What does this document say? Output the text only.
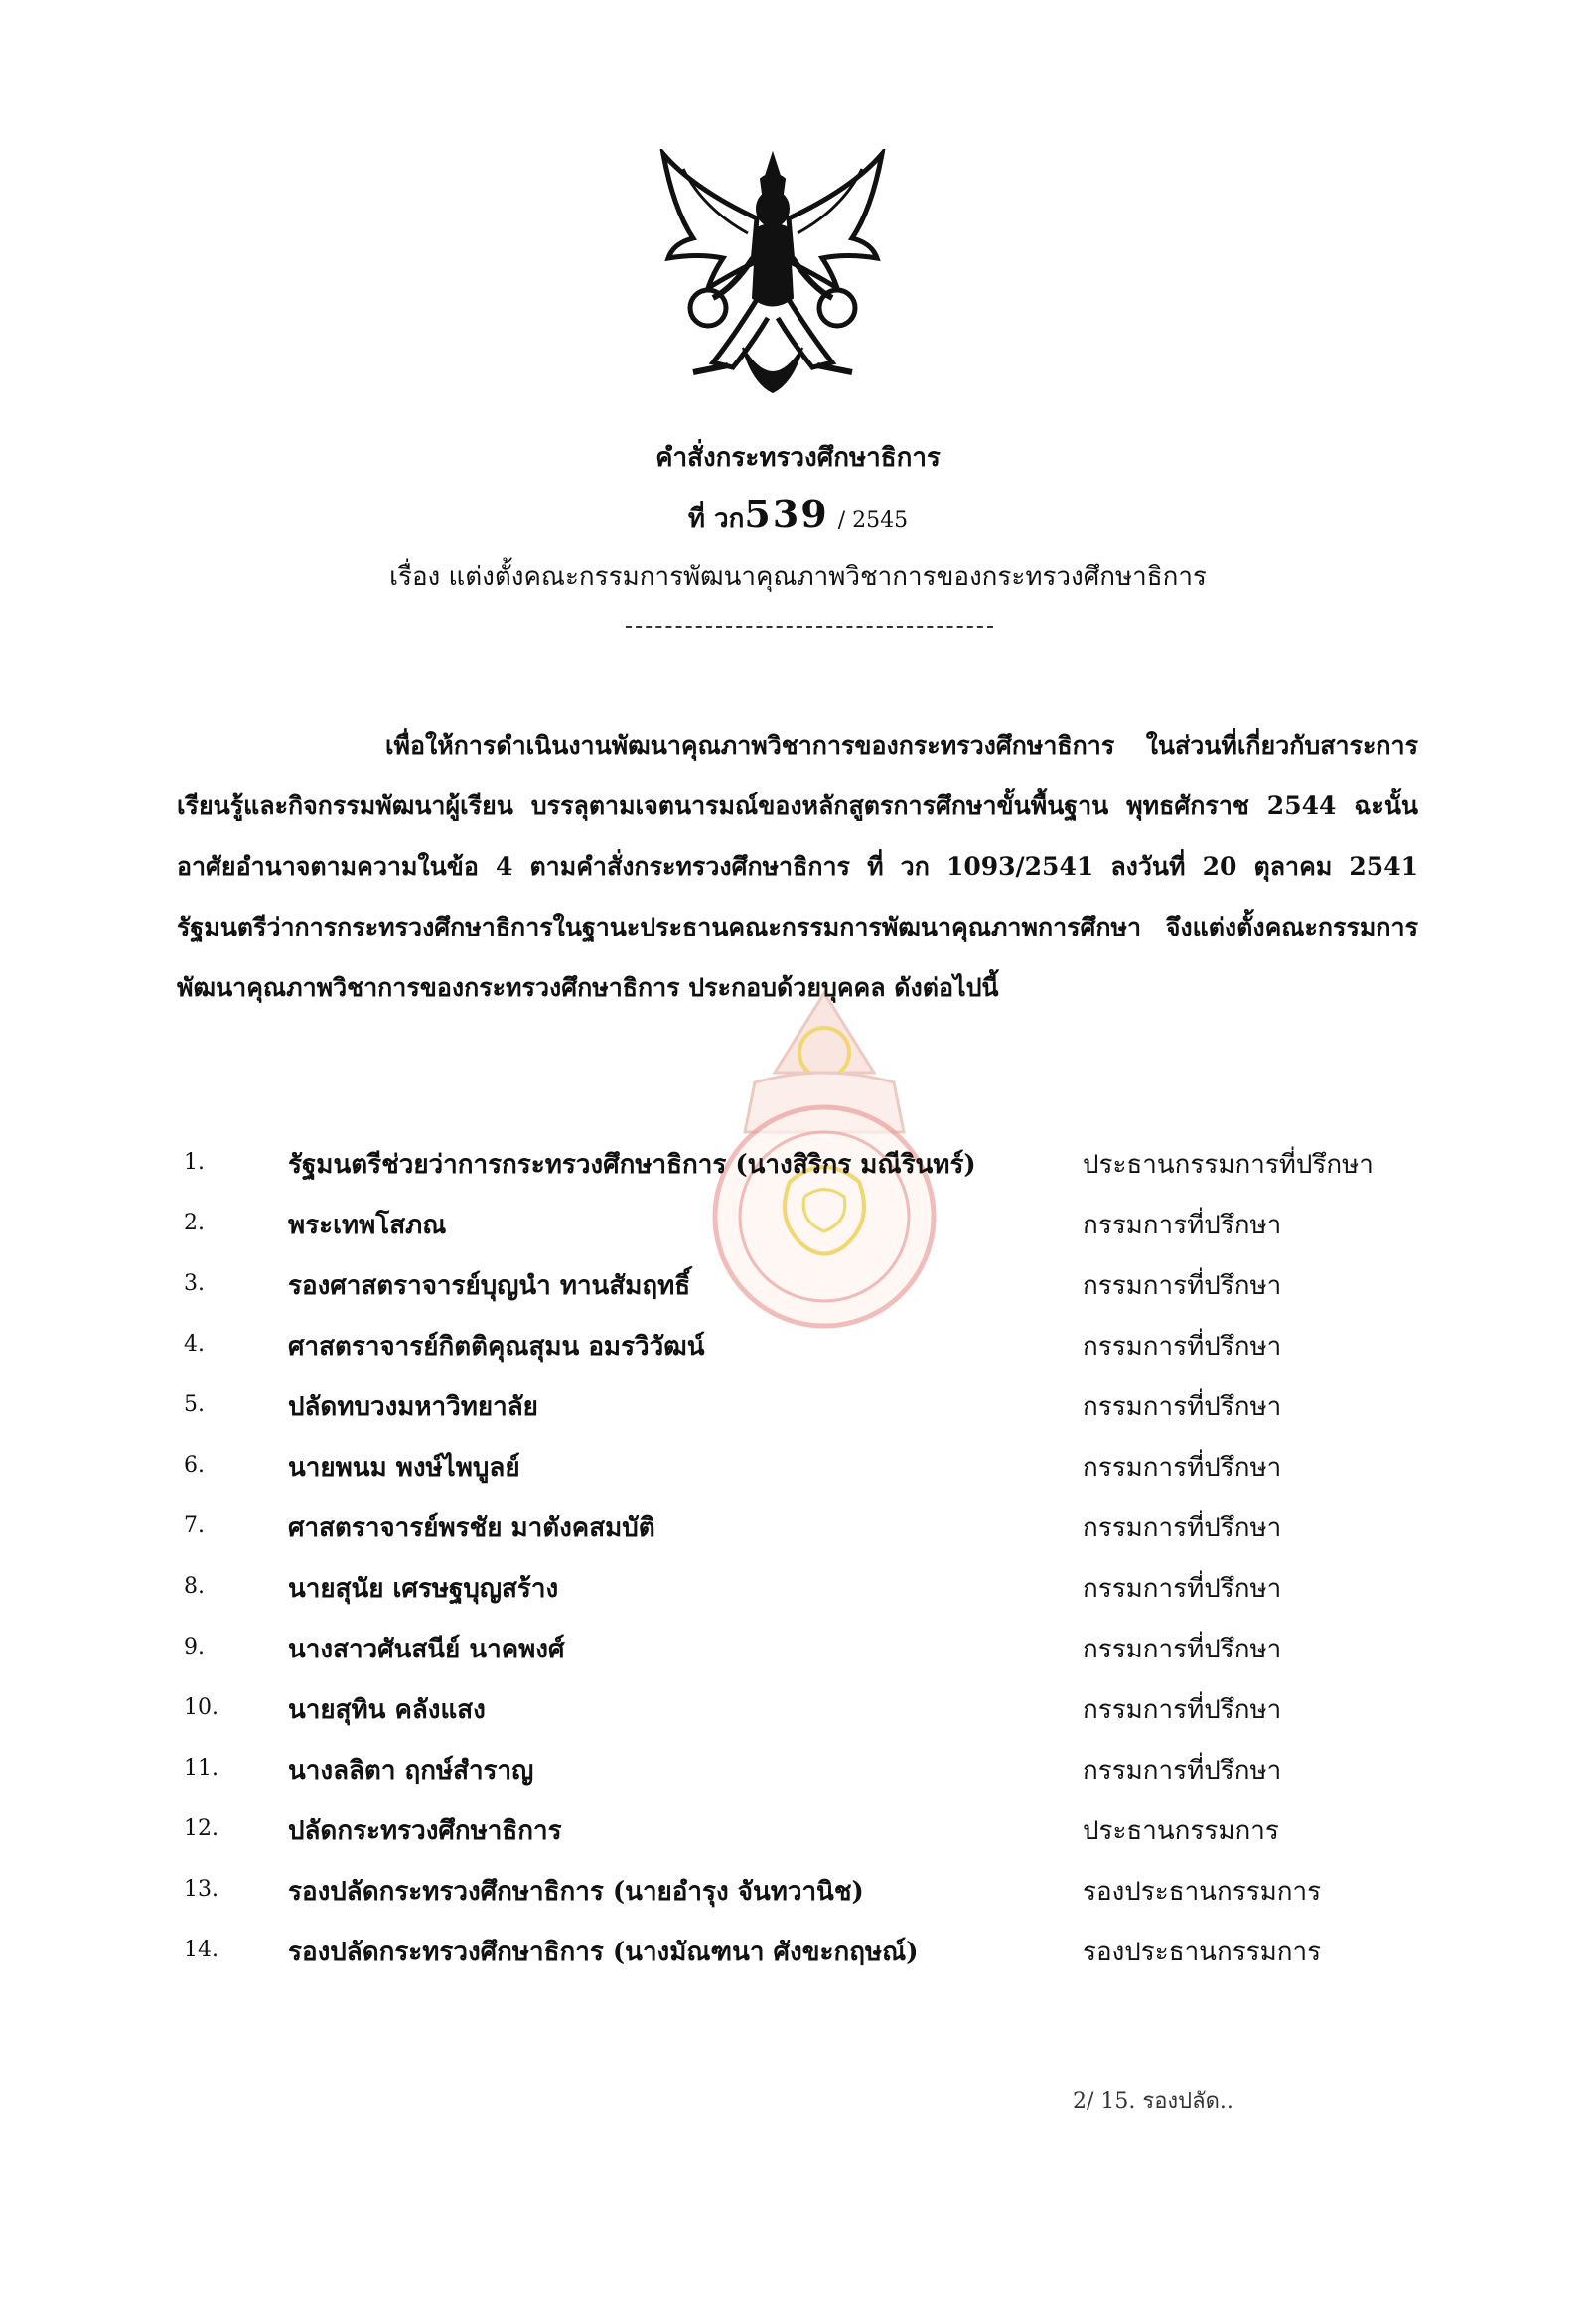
คำสั่งกระทรวงศึกษาธิการ
ที่ วก539 / 2545
เรื่อง แต่งตั้งคณะกรรมการพัฒนาคุณภาพวิชาการของกระทรวงศึกษาธิการ
เพื่อให้การดำเนินงานพัฒนาคุณภาพวิชาการของกระทรวงศึกษาธิการ ในส่วนที่เกี่ยวกับสาระการเรียนรู้และกิจกรรมพัฒนาผู้เรียน บรรลุตามเจตนารมณ์ของหลักสูตรการศึกษาขั้นพื้นฐาน พุทธศักราช 2544 ฉะนั้น อาศัยอำนาจตามความในข้อ 4 ตามคำสั่งกระทรวงศึกษาธิการ ที่ วก 1093/2541 ลงวันที่ 20 ตุลาคม 2541 รัฐมนตรีว่าการกระทรวงศึกษาธิการในฐานะประธานคณะกรรมการพัฒนาคุณภาพการศึกษา จึงแต่งตั้งคณะกรรมการพัฒนาคุณภาพวิชาการของกระทรวงศึกษาธิการ ประกอบด้วยบุคคล ดังต่อไปนี้
1.	รัฐมนตรีช่วยว่าการกระทรวงศึกษาธิการ (นางสิริกร มณีรินทร์)	ประธานกรรมการที่ปรึกษา
2.	พระเทพโสภณ	กรรมการที่ปรึกษา
3.	รองศาสตราจารย์บุญนำ ทานสัมฤทธิ์	กรรมการที่ปรึกษา
4.	ศาสตราจารย์กิตติคุณสุมน อมรวิวัฒน์	กรรมการที่ปรึกษา
5.	ปลัดทบวงมหาวิทยาลัย	กรรมการที่ปรึกษา
6.	นายพนม พงษ์ไพบูลย์	กรรมการที่ปรึกษา
7.	ศาสตราจารย์พรชัย มาตังคสมบัติ	กรรมการที่ปรึกษา
8.	นายสุนัย เศรษฐบุญสร้าง	กรรมการที่ปรึกษา
9.	นางสาวศันสนีย์ นาคพงศ์	กรรมการที่ปรึกษา
10.	นายสุทิน คลังแสง	กรรมการที่ปรึกษา
11.	นางลลิตา ฤกษ์สำราญ	กรรมการที่ปรึกษา
12.	ปลัดกระทรวงศึกษาธิการ	ประธานกรรมการ
13.	รองปลัดกระทรวงศึกษาธิการ (นายอำรุง จันทวานิช)	รองประธานกรรมการ
14.	รองปลัดกระทรวงศึกษาธิการ (นางมัณฑนา ศังขะกฤษณ์)	รองประธานกรรมการ
2/ 15. รองปลัด..
